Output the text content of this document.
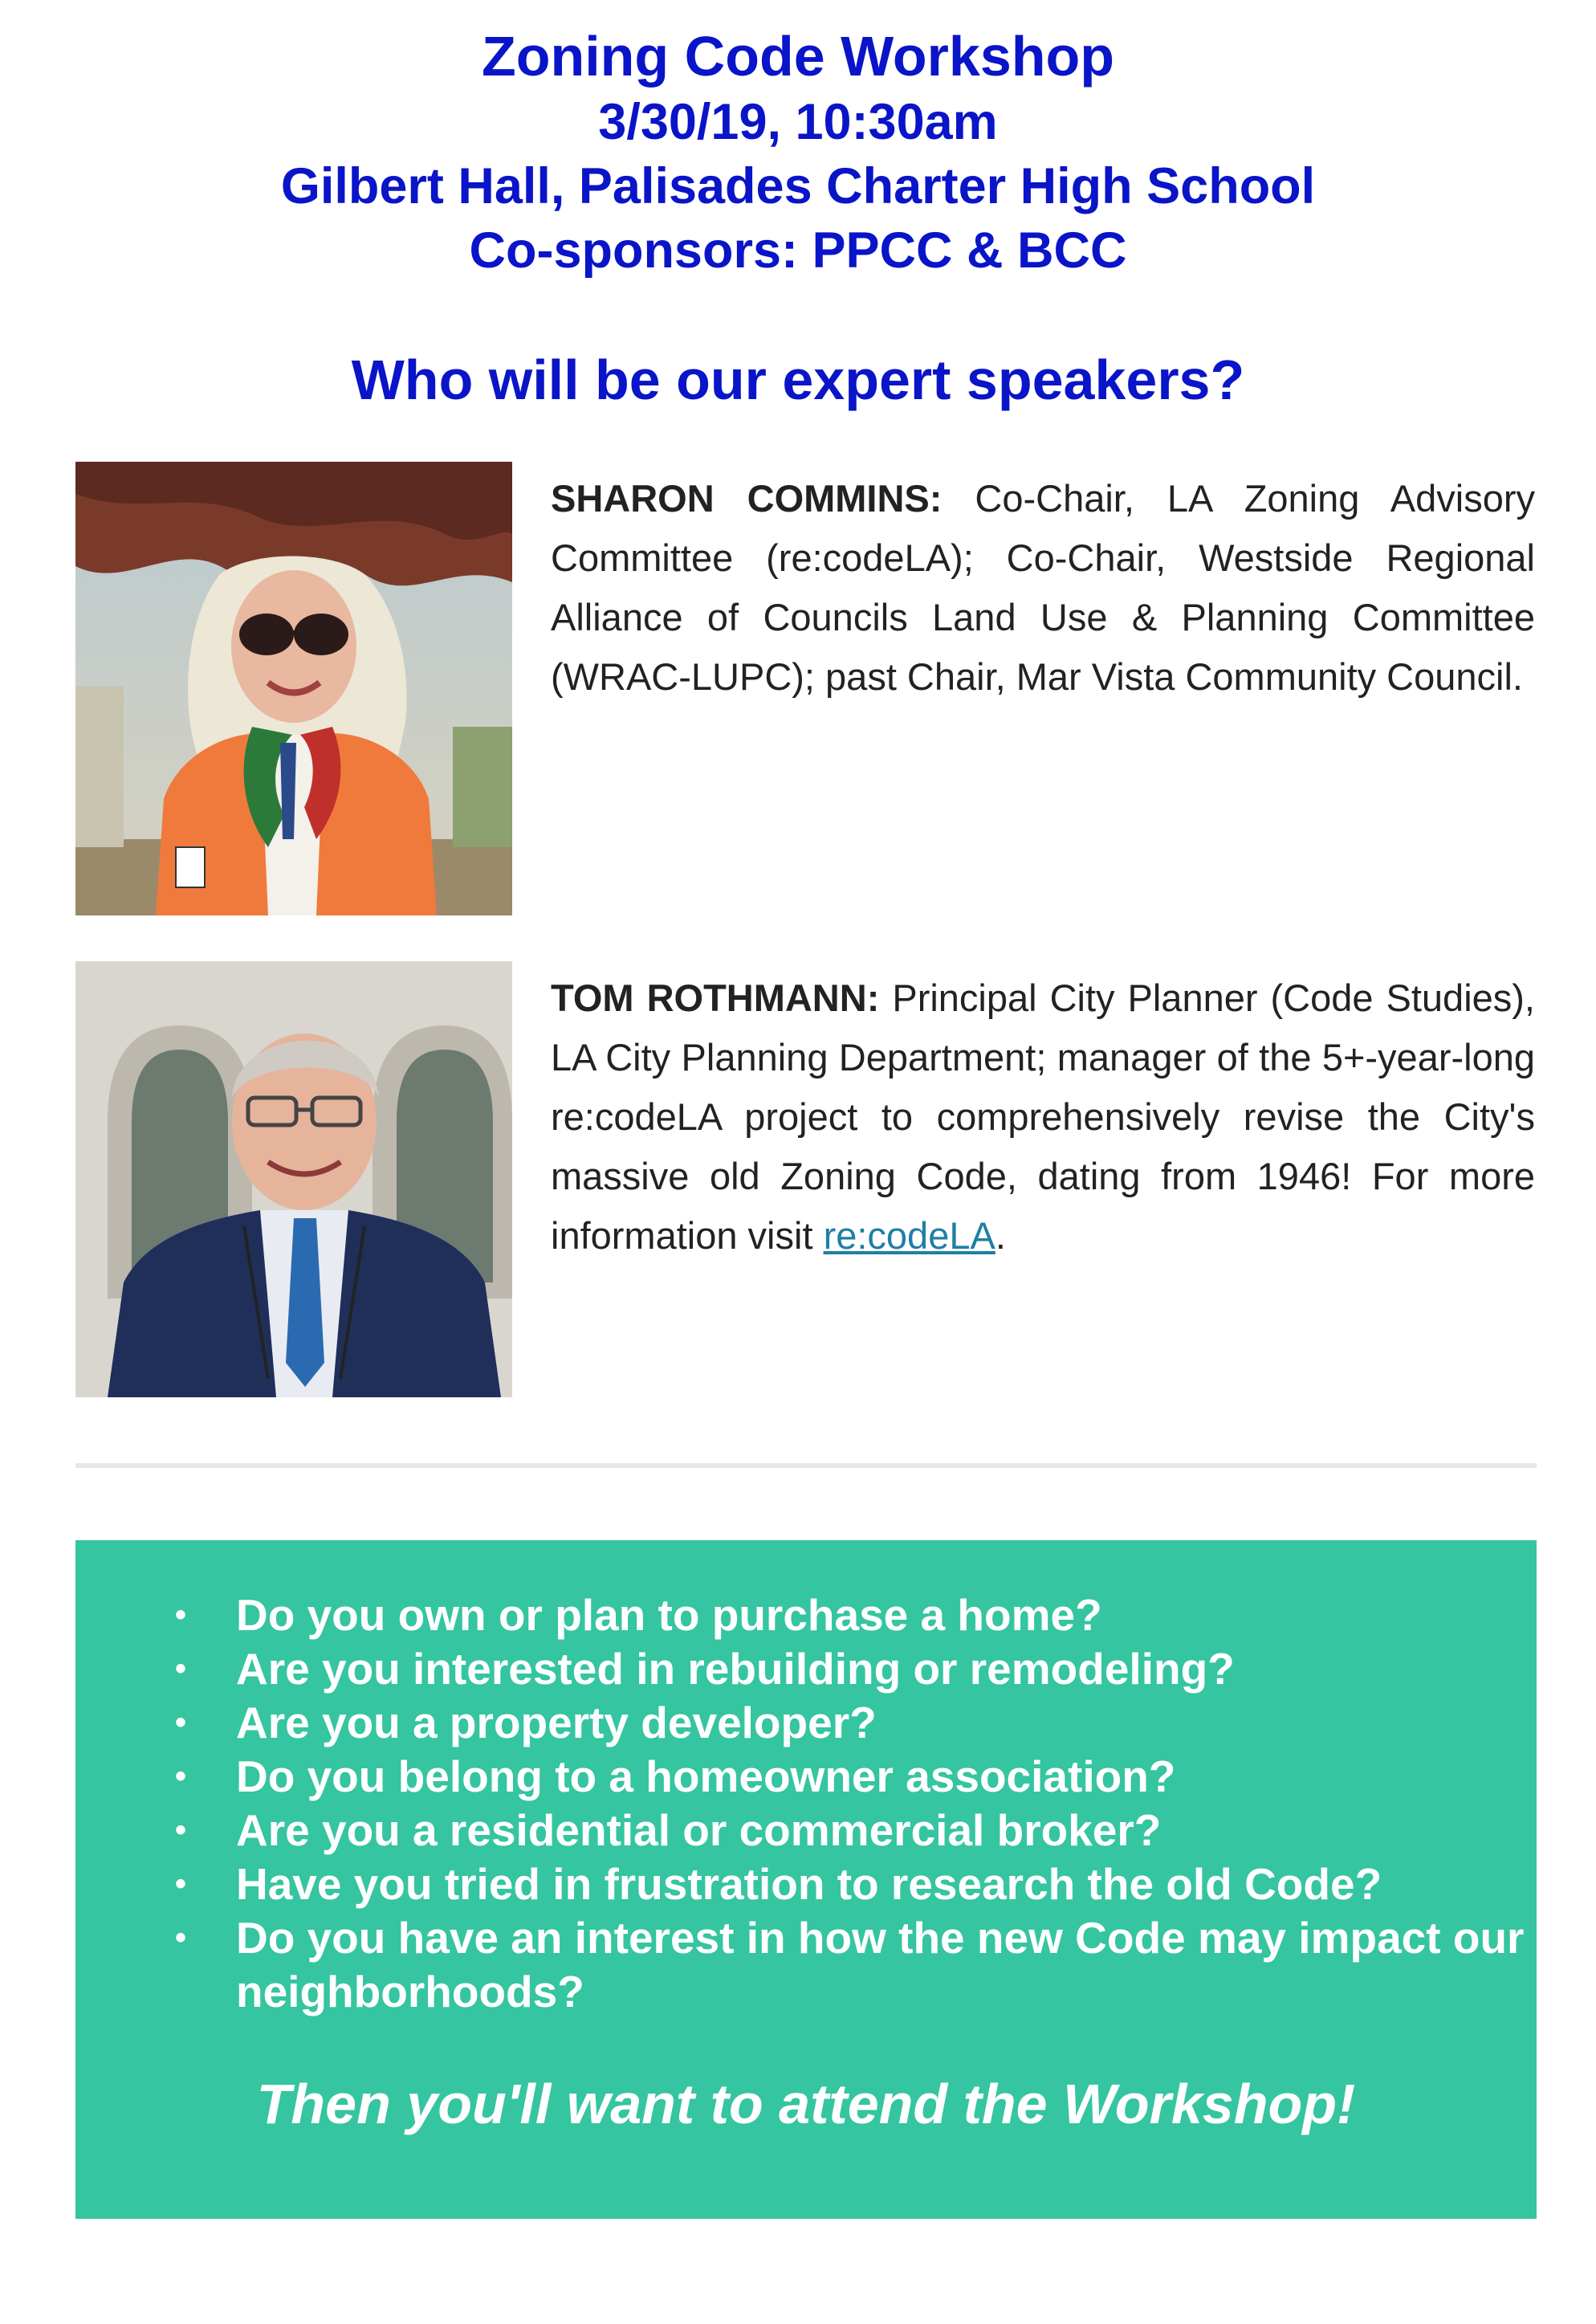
Zoning Code Workshop
3/30/19, 10:30am
Gilbert Hall, Palisades Charter High School
Co-sponsors: PPCC & BCC
Who will be our expert speakers?
SHARON COMMINS: Co-Chair, LA Zoning Advisory Committee (re:codeLA); Co-Chair, Westside Regional Alliance of Councils Land Use & Planning Committee (WRAC-LUPC); past Chair, Mar Vista Community Council.
TOM ROTHMANN: Principal City Planner (Code Studies), LA City Planning Department; manager of the 5+-year-long re:codeLA project to comprehensively revise the City's massive old Zoning Code, dating from 1946! For more information visit re:codeLA.
• Do you own or plan to purchase a home?
• Are you interested in rebuilding or remodeling?
• Are you a property developer?
• Do you belong to a homeowner association?
• Are you a residential or commercial broker?
• Have you tried in frustration to research the old Code?
• Do you have an interest in how the new Code may impact our neighborhoods?
Then you'll want to attend the Workshop!
